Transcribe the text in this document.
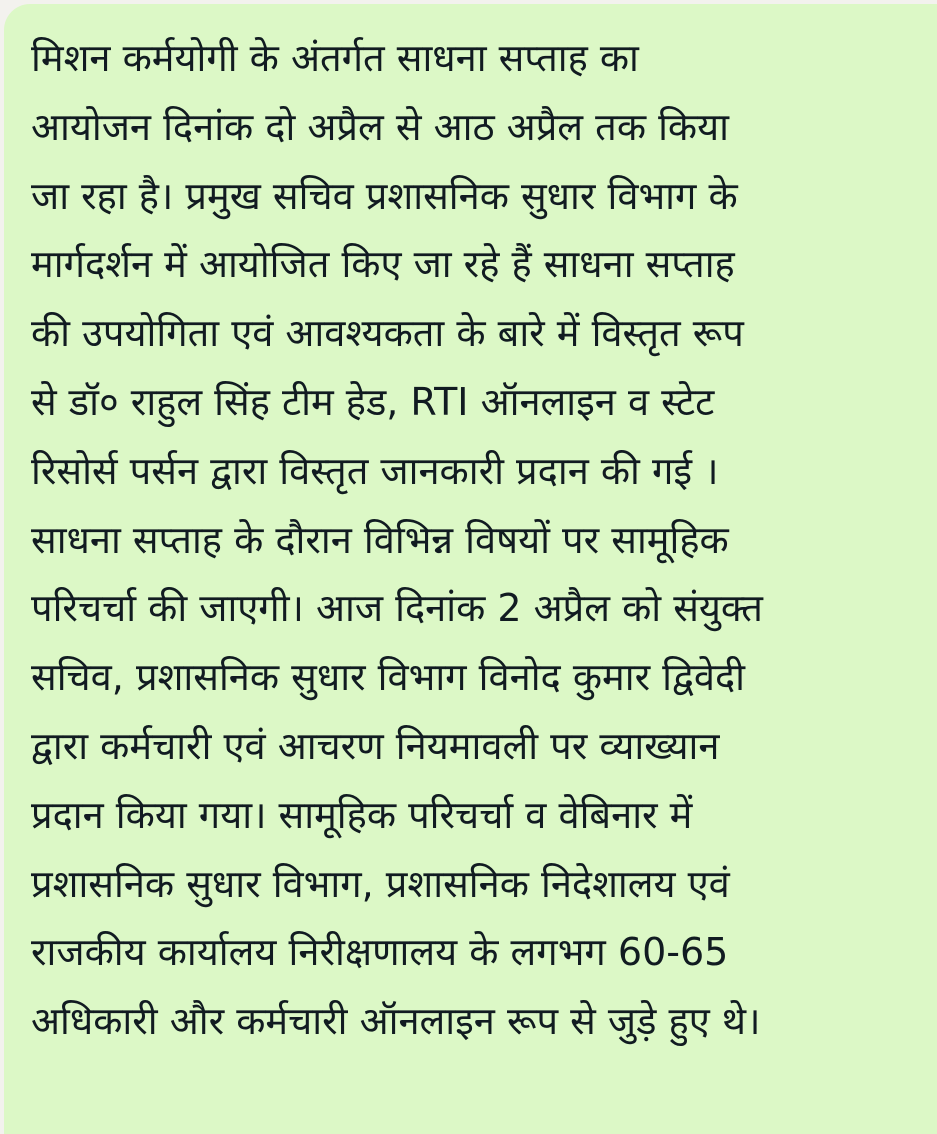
मिशन कर्मयोगी के अंतर्गत साधना सप्ताह का
आयोजन दिनांक दो अप्रैल से आठ अप्रैल तक किया
जा रहा है। प्रमुख सचिव प्रशासनिक सुधार विभाग के
मार्गदर्शन में आयोजित किए जा रहे हैं साधना सप्ताह
की उपयोगिता एवं आवश्यकता के बारे में विस्तृत रूप
से डॉ० राहुल सिंह टीम हेड, RTI ऑनलाइन व स्टेट
रिसोर्स पर्सन द्वारा विस्तृत जानकारी प्रदान की गई ।
साधना सप्ताह के दौरान विभिन्न विषयों पर सामूहिक
परिचर्चा की जाएगी। आज दिनांक 2 अप्रैल को संयुक्त
सचिव, प्रशासनिक सुधार विभाग विनोद कुमार द्विवेदी
द्वारा कर्मचारी एवं आचरण नियमावली पर व्याख्यान
प्रदान किया गया। सामूहिक परिचर्चा व वेबिनार में
प्रशासनिक सुधार विभाग, प्रशासनिक निदेशालय एवं
राजकीय कार्यालय निरीक्षणालय के लगभग 60-65
अधिकारी और कर्मचारी ऑनलाइन रूप से जुड़े हुए थे।
